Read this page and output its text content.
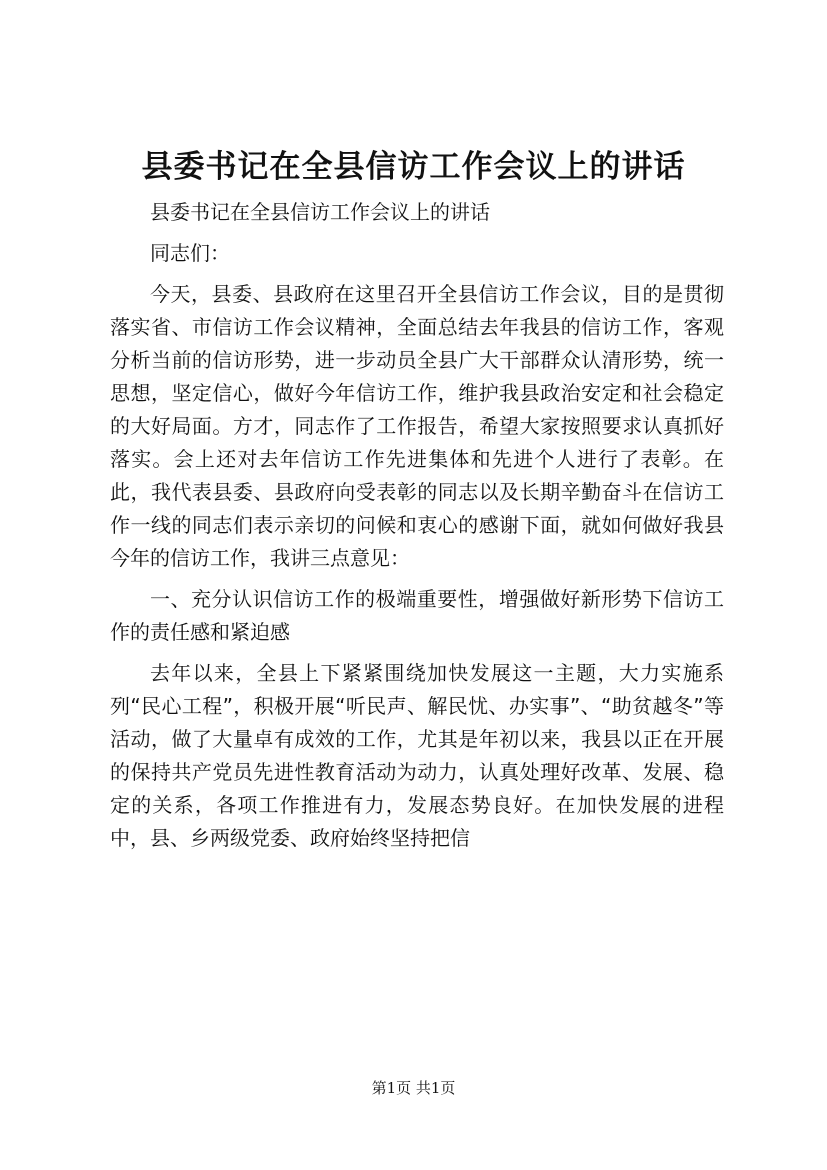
县委书记在全县信访工作会议上的讲话

县委书记在全县信访工作会议上的讲话

同志们：

今天，县委、县政府在这里召开全县信访工作会议，目的是贯彻落实省、市信访工作会议精神，全面总结去年我县的信访工作，客观分析当前的信访形势，进一步动员全县广大干部群众认清形势，统一思想，坚定信心，做好今年信访工作，维护我县政治安定和社会稳定的大好局面。方才，同志作了工作报告，希望大家按照要求认真抓好落实。会上还对去年信访工作先进集体和先进个人进行了表彰。在此，我代表县委、县政府向受表彰的同志以及长期辛勤奋斗在信访工作一线的同志们表示亲切的问候和衷心的感谢下面，就如何做好我县今年的信访工作，我讲三点意见：

一、充分认识信访工作的极端重要性，增强做好新形势下信访工作的责任感和紧迫感

去年以来，全县上下紧紧围绕加快发展这一主题，大力实施系列“民心工程”，积极开展“听民声、解民忧、办实事”、“助贫越冬”等活动，做了大量卓有成效的工作，尤其是年初以来，我县以正在开展的保持共产党员先进性教育活动为动力，认真处理好改革、发展、稳定的关系，各项工作推进有力，发展态势良好。在加快发展的进程中，县、乡两级党委、政府始终坚持把信

第1页 共1页
